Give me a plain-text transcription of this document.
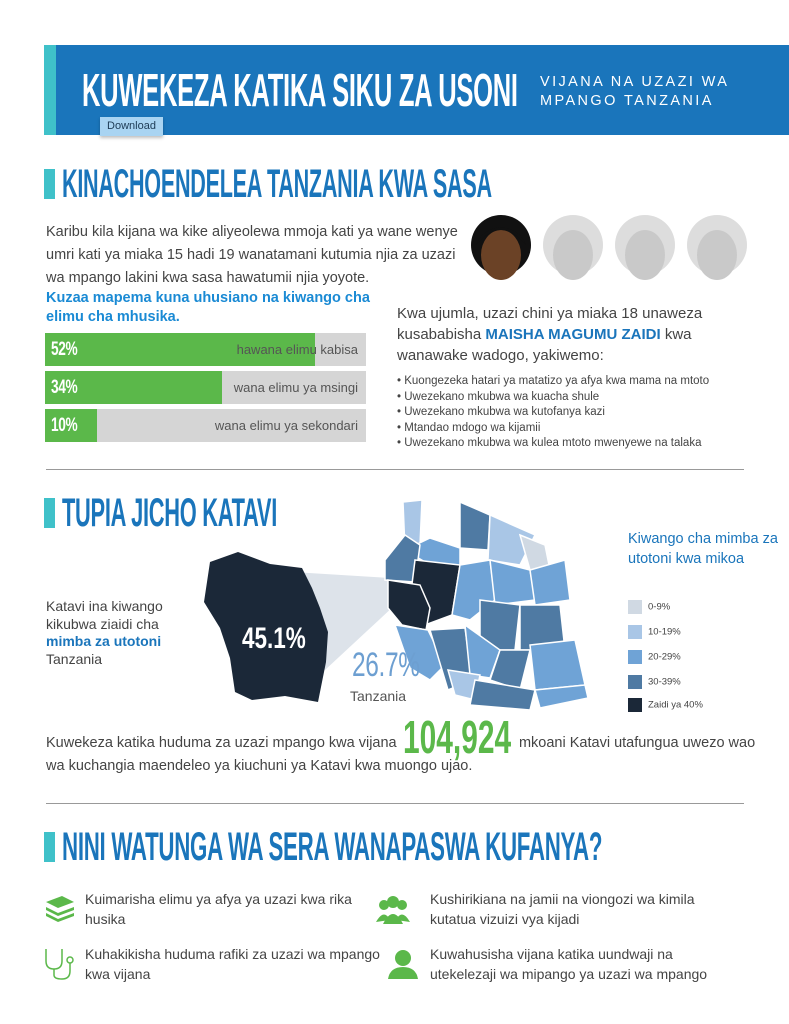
KUWEKEZA KATIKA SIKU ZA USONI VIJANA NA UZAZI WA
MPANGO TANZANIA
Download
KINACHOENDELEA TANZANIA KWA SASA
Karibu kila kijana wa kike aliyeolewa mmoja kati ya wane wenye umri kati ya miaka 15 hadi 19 wanatamani kutumia njia za uzazi wa mpango lakini kwa sasa hawatumii njia yoyote.
Kuzaa mapema kuna uhusiano na kiwango cha elimu cha mhusika.
52%	hawana elimu kabisa
34%	wana elimu ya msingi
10%	wana elimu ya sekondari
Kwa ujumla, uzazi chini ya miaka 18 unaweza kusababisha MAISHA MAGUMU ZAIDI kwa wanawake wadogo, yakiwemo:
• Kuongezeka hatari ya matatizo ya afya kwa mama na mtoto
• Uwezekano mkubwa wa kuacha shule
• Uwezekano mkubwa wa kutofanya kazi
• Mtandao mdogo wa kijamii
• Uwezekano mkubwa wa kulea mtoto mwenyewe na talaka
TUPIA JICHO KATAVI
Katavi ina kiwango kikubwa ziaidi cha mimba za utotoni Tanzania
45.1%
26.7%
Tanzania
Kiwango cha mimba za utotoni kwa mikoa
0-9%
10-19%
20-29%
30-39%
Zaidi ya 40%
Kuwekeza katika huduma za uzazi mpango kwa vijana 104,924 mkoani Katavi utafungua uwezo wao wa kuchangia maendeleo ya kiuchuni ya Katavi kwa muongo ujao.
NINI WATUNGA WA SERA WANAPASWA KUFANYA?
Kuimarisha elimu ya afya ya uzazi kwa rika husika
Kushirikiana na jamii na viongozi wa kimila kutatua vizuizi vya kijadi
Kuhakikisha huduma rafiki za uzazi wa mpango kwa vijana
Kuwahusisha vijana katika uundwaji na utekelezaji wa mipango ya uzazi wa mpango
